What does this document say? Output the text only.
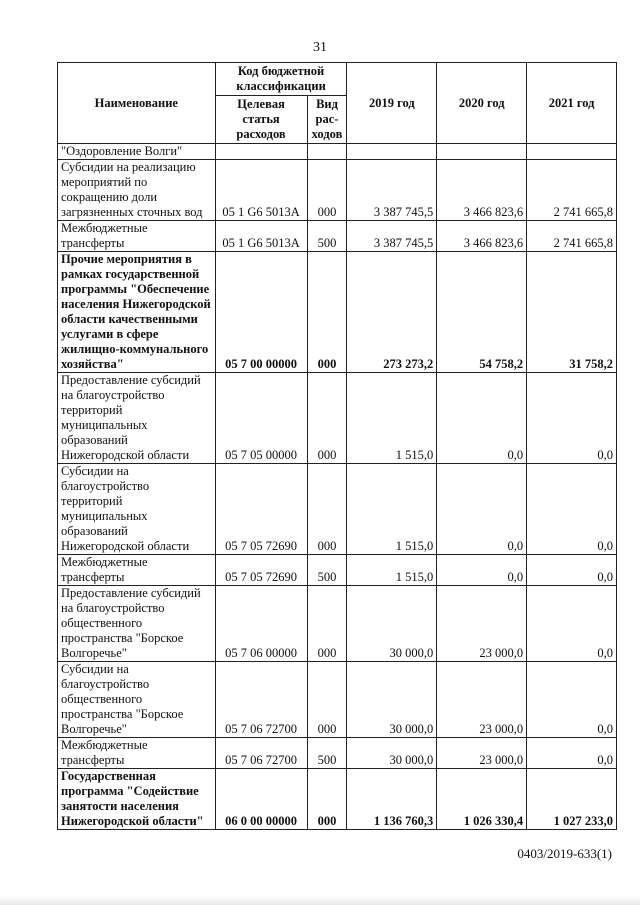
31
Наименование	Код бюджетной классификации		2019 год	2020 год	2021 год
	Целевая статья расходов	Вид рас-ходов			
"Оздоровление Волги"					
Субсидии на реализацию мероприятий по сокращению доли загрязненных сточных вод	05 1 G6 5013A	000	3 387 745,5	3 466 823,6	2 741 665,8
Межбюджетные трансферты	05 1 G6 5013A	500	3 387 745,5	3 466 823,6	2 741 665,8
Прочие мероприятия в рамках государственной программы "Обеспечение населения Нижегородской области качественными услугами в сфере жилищно-коммунального хозяйства"	05 7 00 00000	000	273 273,2	54 758,2	31 758,2
Предоставление субсидий на благоустройство территорий муниципальных образований Нижегородской области	05 7 05 00000	000	1 515,0	0,0	0,0
Субсидии на благоустройство территорий муниципальных образований Нижегородской области	05 7 05 72690	000	1 515,0	0,0	0,0
Межбюджетные трансферты	05 7 05 72690	500	1 515,0	0,0	0,0
Предоставление субсидий на благоустройство общественного пространства "Борское Волгоречье"	05 7 06 00000	000	30 000,0	23 000,0	0,0
Субсидии на благоустройство общественного пространства "Борское Волгоречье"	05 7 06 72700	000	30 000,0	23 000,0	0,0
Межбюджетные трансферты	05 7 06 72700	500	30 000,0	23 000,0	0,0
Государственная программа "Содействие занятости населения Нижегородской области"	06 0 00 00000	000	1 136 760,3	1 026 330,4	1 027 233,0
0403/2019-633(1)
